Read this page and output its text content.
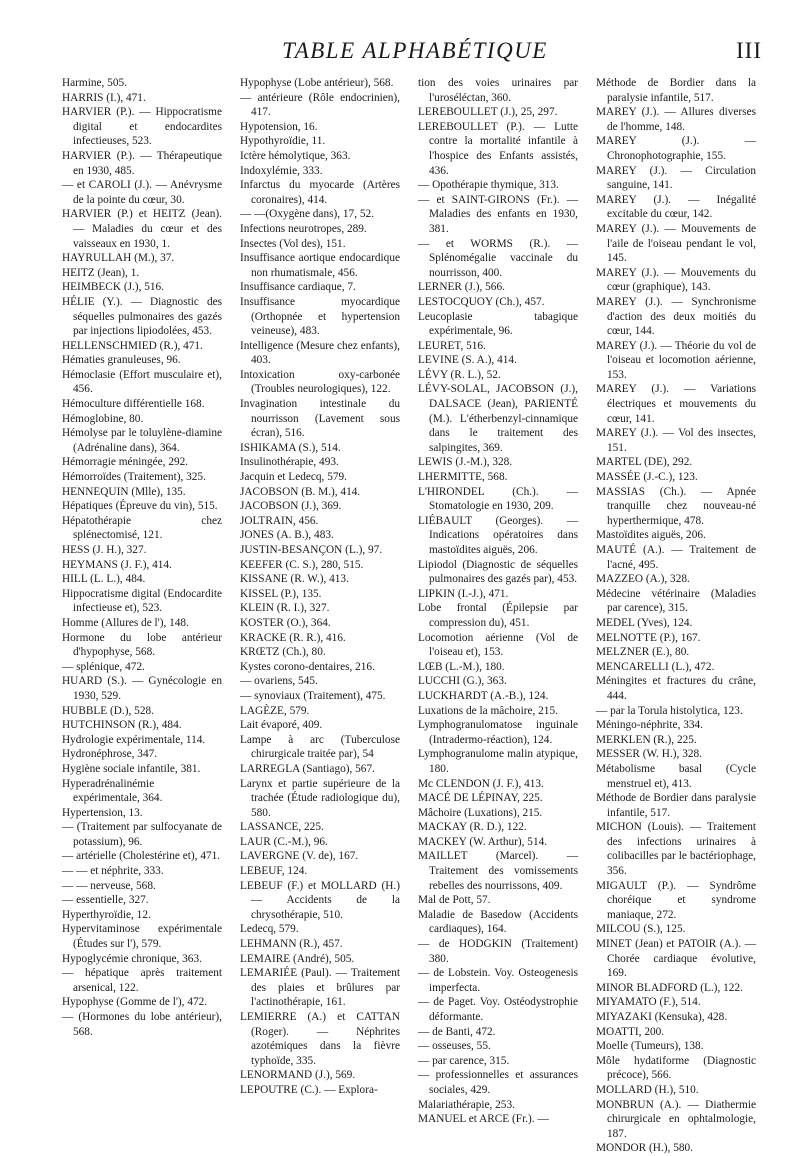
TABLE ALPHABÉTIQUE	III

Harmine, 505.

HARRIS (I.), 471.

HARVIER (P.). — Hippocratisme digital et endocardites infectieuses, 523.

HARVIER (P.). — Thérapeutique en 1930, 485.

— et CAROLI (J.). — Anévrysme de la pointe du cœur, 30.

HARVIER (P.) et HEITZ (Jean). — Maladies du cœur et des vaisseaux en 1930, 1.

HAYRULLAH (M.), 37.

HEITZ (Jean), 1.

HEIMBECK (J.), 516.

HÉLIE (Y.). — Diagnostic des séquelles pulmonaires des gazés par injections lipiodolées, 453.

HELLENSCHMIED (R.), 471.

Hématies granuleuses, 96.

Hémoclasie (Effort musculaire et), 456.

Hémoculture différentielle 168.

Hémoglobine, 80.

Hémolyse par le toluylène-diamine (Adrénaline dans), 364.

Hémorragie méningée, 292.

Hémorroïdes (Traitement), 325.

HENNEQUIN (Mlle), 135.

Hépatiques (Épreuve du vin), 515.

Hépatothérapie chez splénectomisé, 121.

HESS (J. H.), 327.

HEYMANS (J. F.), 414.

HILL (L. L.), 484.

Hippocratisme digital (Endocardite infectieuse et), 523.

Homme (Allures de l'), 148.

Hormone du lobe antérieur d'hypophyse, 568.

— splénique, 472.

HUARD (S.). — Gynécologie en 1930, 529.

HUBBLE (D.), 528.

HUTCHINSON (R.), 484.

Hydrologie expérimentale, 114.

Hydronéphrose, 347.

Hygiène sociale infantile, 381.

Hyperadrénalinémie expérimentale, 364.

Hypertension, 13.

— (Traitement par sulfocyanate de potassium), 96.

— artérielle (Cholestérine et), 471.

— — et néphrite, 333.

— — nerveuse, 568.

— essentielle, 327.

Hyperthyroïdie, 12.

Hypervitaminose expérimentale (Études sur l'), 579.

Hypoglycémie chronique, 363.

— hépatique après traitement arsenical, 122.

Hypophyse (Gomme de l'), 472.

— (Hormones du lobe antérieur), 568.

Hypophyse (Lobe antérieur), 568.

— antérieure (Rôle endocrinien), 417.

Hypotension, 16.

Hypothyroïdie, 11.

Ictère hémolytique, 363.

Indoxylémie, 333.

Infarctus du myocarde (Artères coronaires), 414.

— —(Oxygène dans), 17, 52.

Infections neurotropes, 289.

Insectes (Vol des), 151.

Insuffisance aortique endocardique non rhumatismale, 456.

Insuffisance cardiaque, 7.

Insuffisance myocardique (Orthopnée et hypertension veineuse), 483.

Intelligence (Mesure chez enfants), 403.

Intoxication oxy-carbonée (Troubles neurologiques), 122.

Invagination intestinale du nourrisson (Lavement sous écran), 516.

ISHIKAMA (S.), 514.

Insulinothérapie, 493.

Jacquin et Ledecq, 579.

JACOBSON (B. M.), 414.

JACOBSON (J.), 369.

JOLTRAIN, 456.

JONES (A. B.), 483.

JUSTIN-BESANÇON (L.), 97.

KEEFER (C. S.), 280, 515.

KISSANE (R. W.), 413.

KISSEL (P.), 135.

KLEIN (R. I.), 327.

KOSTER (O.), 364.

KRACKE (R. R.), 416.

KRŒTZ (Ch.), 80.

Kystes corono-dentaires, 216.

— ovariens, 545.

— synoviaux (Traitement), 475.

LAGÈZE, 579.

Lait évaporé, 409.

Lampe à arc (Tuberculose chirurgicale traitée par), 54

LARREGLA (Santiago), 567.

Larynx et partie supérieure de la trachée (Étude radiologique du), 580.

LASSANCE, 225.

LAUR (C.-M.), 96.

LAVERGNE (V. de), 167.

LEBEUF, 124.

LEBEUF (F.) et MOLLARD (H.) — Accidents de la chrysothérapie, 510.

Ledecq, 579.

LEHMANN (R.), 457.

LEMAIRE (André), 505.

LEMARIÉE (Paul). — Traitement des plaies et brûlures par l'actinothérapie, 161.

LEMIERRE (A.) et CATTAN (Roger). — Néphrites azotémiques dans la fièvre typhoïde, 335.

LENORMAND (J.), 569.

LEPOUTRE (C.). — Explora-

tion des voies urinaires par l'uroséléctan, 360.

LEREBOULLET (J.), 25, 297.

LEREBOULLET (P.). — Lutte contre la mortalité infantile à l'hospice des Enfants assistés, 436.

— Opothérapie thymique, 313.

— et SAINT-GIRONS (Fr.). — Maladies des enfants en 1930, 381.

— et WORMS (R.). — Splénomégalie vaccinale du nourrisson, 400.

LERNER (J.), 566.

LESTOCQUOY (Ch.), 457.

Leucoplasie tabagique expérimentale, 96.

LEURET, 516.

LEVINE (S. A.), 414.

LÉVY (R. L.), 52.

LÉVY-SOLAL, JACOBSON (J.), DALSACE (Jean), PARIENTÉ (M.). L'étherbenzyl-cinnamique dans le traitement des salpingites, 369.

LEWIS (J.-M.), 328.

LHERMITTE, 568.

L'HIRONDEL (Ch.). — Stomatologie en 1930, 209.

LIÉBAULT (Georges). — Indications opératoires dans mastoïdites aiguës, 206.

Lipiodol (Diagnostic de séquelles pulmonaires des gazés par), 453.

LIPKIN (I.-J.), 471.

Lobe frontal (Épilepsie par compression du), 451.

Locomotion aérienne (Vol de l'oiseau et), 153.

LŒB (L.-M.), 180.

LUCCHI (G.), 363.

LUCKHARDT (A.-B.), 124.

Luxations de la mâchoire, 215.

Lymphogranulomatose inguinale (Intradermo-réaction), 124.

Lymphogranulome malin atypique, 180.

Mc CLENDON (J. F.), 413.

MACÉ DE LÉPINAY, 225.

Mâchoire (Luxations), 215.

MACKAY (R. D.), 122.

MACKEY (W. Arthur), 514.

MAILLET (Marcel). — Traitement des vomissements rebelles des nourrissons, 409.

Mal de Pott, 57.

Maladie de Basedow (Accidents cardiaques), 164.

— de HODGKIN (Traitement) 380.

— de Lobstein. Voy. Osteogenesis imperfecta.

— de Paget. Voy. Ostéodystrophie déformante.

— de Banti, 472.

— osseuses, 55.

— par carence, 315.

— professionnelles et assurances sociales, 429.

Malariathérapie, 253.

MANUEL et ARCE (Fr.). —

Méthode de Bordier dans la paralysie infantile, 517.

MAREY (J.). — Allures diverses de l'homme, 148.

MAREY (J.). — Chronophotographie, 155.

MAREY (J.). — Circulation sanguine, 141.

MAREY (J.). — Inégalité excitable du cœur, 142.

MAREY (J.). — Mouvements de l'aile de l'oiseau pendant le vol, 145.

MAREY (J.). — Mouvements du cœur (graphique), 143.

MAREY (J.). — Synchronisme d'action des deux moitiés du cœur, 144.

MAREY (J.). — Théorie du vol de l'oiseau et locomotion aérienne, 153.

MAREY (J.). — Variations électriques et mouvements du cœur, 141.

MAREY (J.). — Vol des insectes, 151.

MARTEL (DE), 292.

MASSÉE (J.-C.), 123.

MASSIAS (Ch.). — Apnée tranquille chez nouveau-né hyperthermique, 478.

Mastoïdites aiguës, 206.

MAUTÉ (A.). — Traitement de l'acné, 495.

MAZZEO (A.), 328.

Médecine vétérinaire (Maladies par carence), 315.

MEDEL (Yves), 124.

MELNOTTE (P.), 167.

MELZNER (E.), 80.

MENCARELLI (L.), 472.

Méningites et fractures du crâne, 444.

— par la Torula histolytica, 123.

Méningo-néphrite, 334.

MERKLEN (R.), 225.

MESSER (W. H.), 328.

Métabolisme basal (Cycle menstruel et), 413.

Méthode de Bordier dans paralysie infantile, 517.

MICHON (Louis). — Traitement des infections urinaires à colibacilles par le bactériophage, 356.

MIGAULT (P.). — Syndrôme choréique et syndrome maniaque, 272.

MILCOU (S.), 125.

MINET (Jean) et PATOIR (A.). — Chorée cardiaque évolutive, 169.

MINOR BLADFORD (L.), 122.

MIYAMATO (F.), 514.

MIYAZAKI (Kensuka), 428.

MOATTI, 200.

Moelle (Tumeurs), 138.

Môle hydatiforme (Diagnostic précoce), 566.

MOLLARD (H.), 510.

MONBRUN (A.). — Diathermie chirurgicale en ophtalmologie, 187.

MONDOR (H.), 580.
